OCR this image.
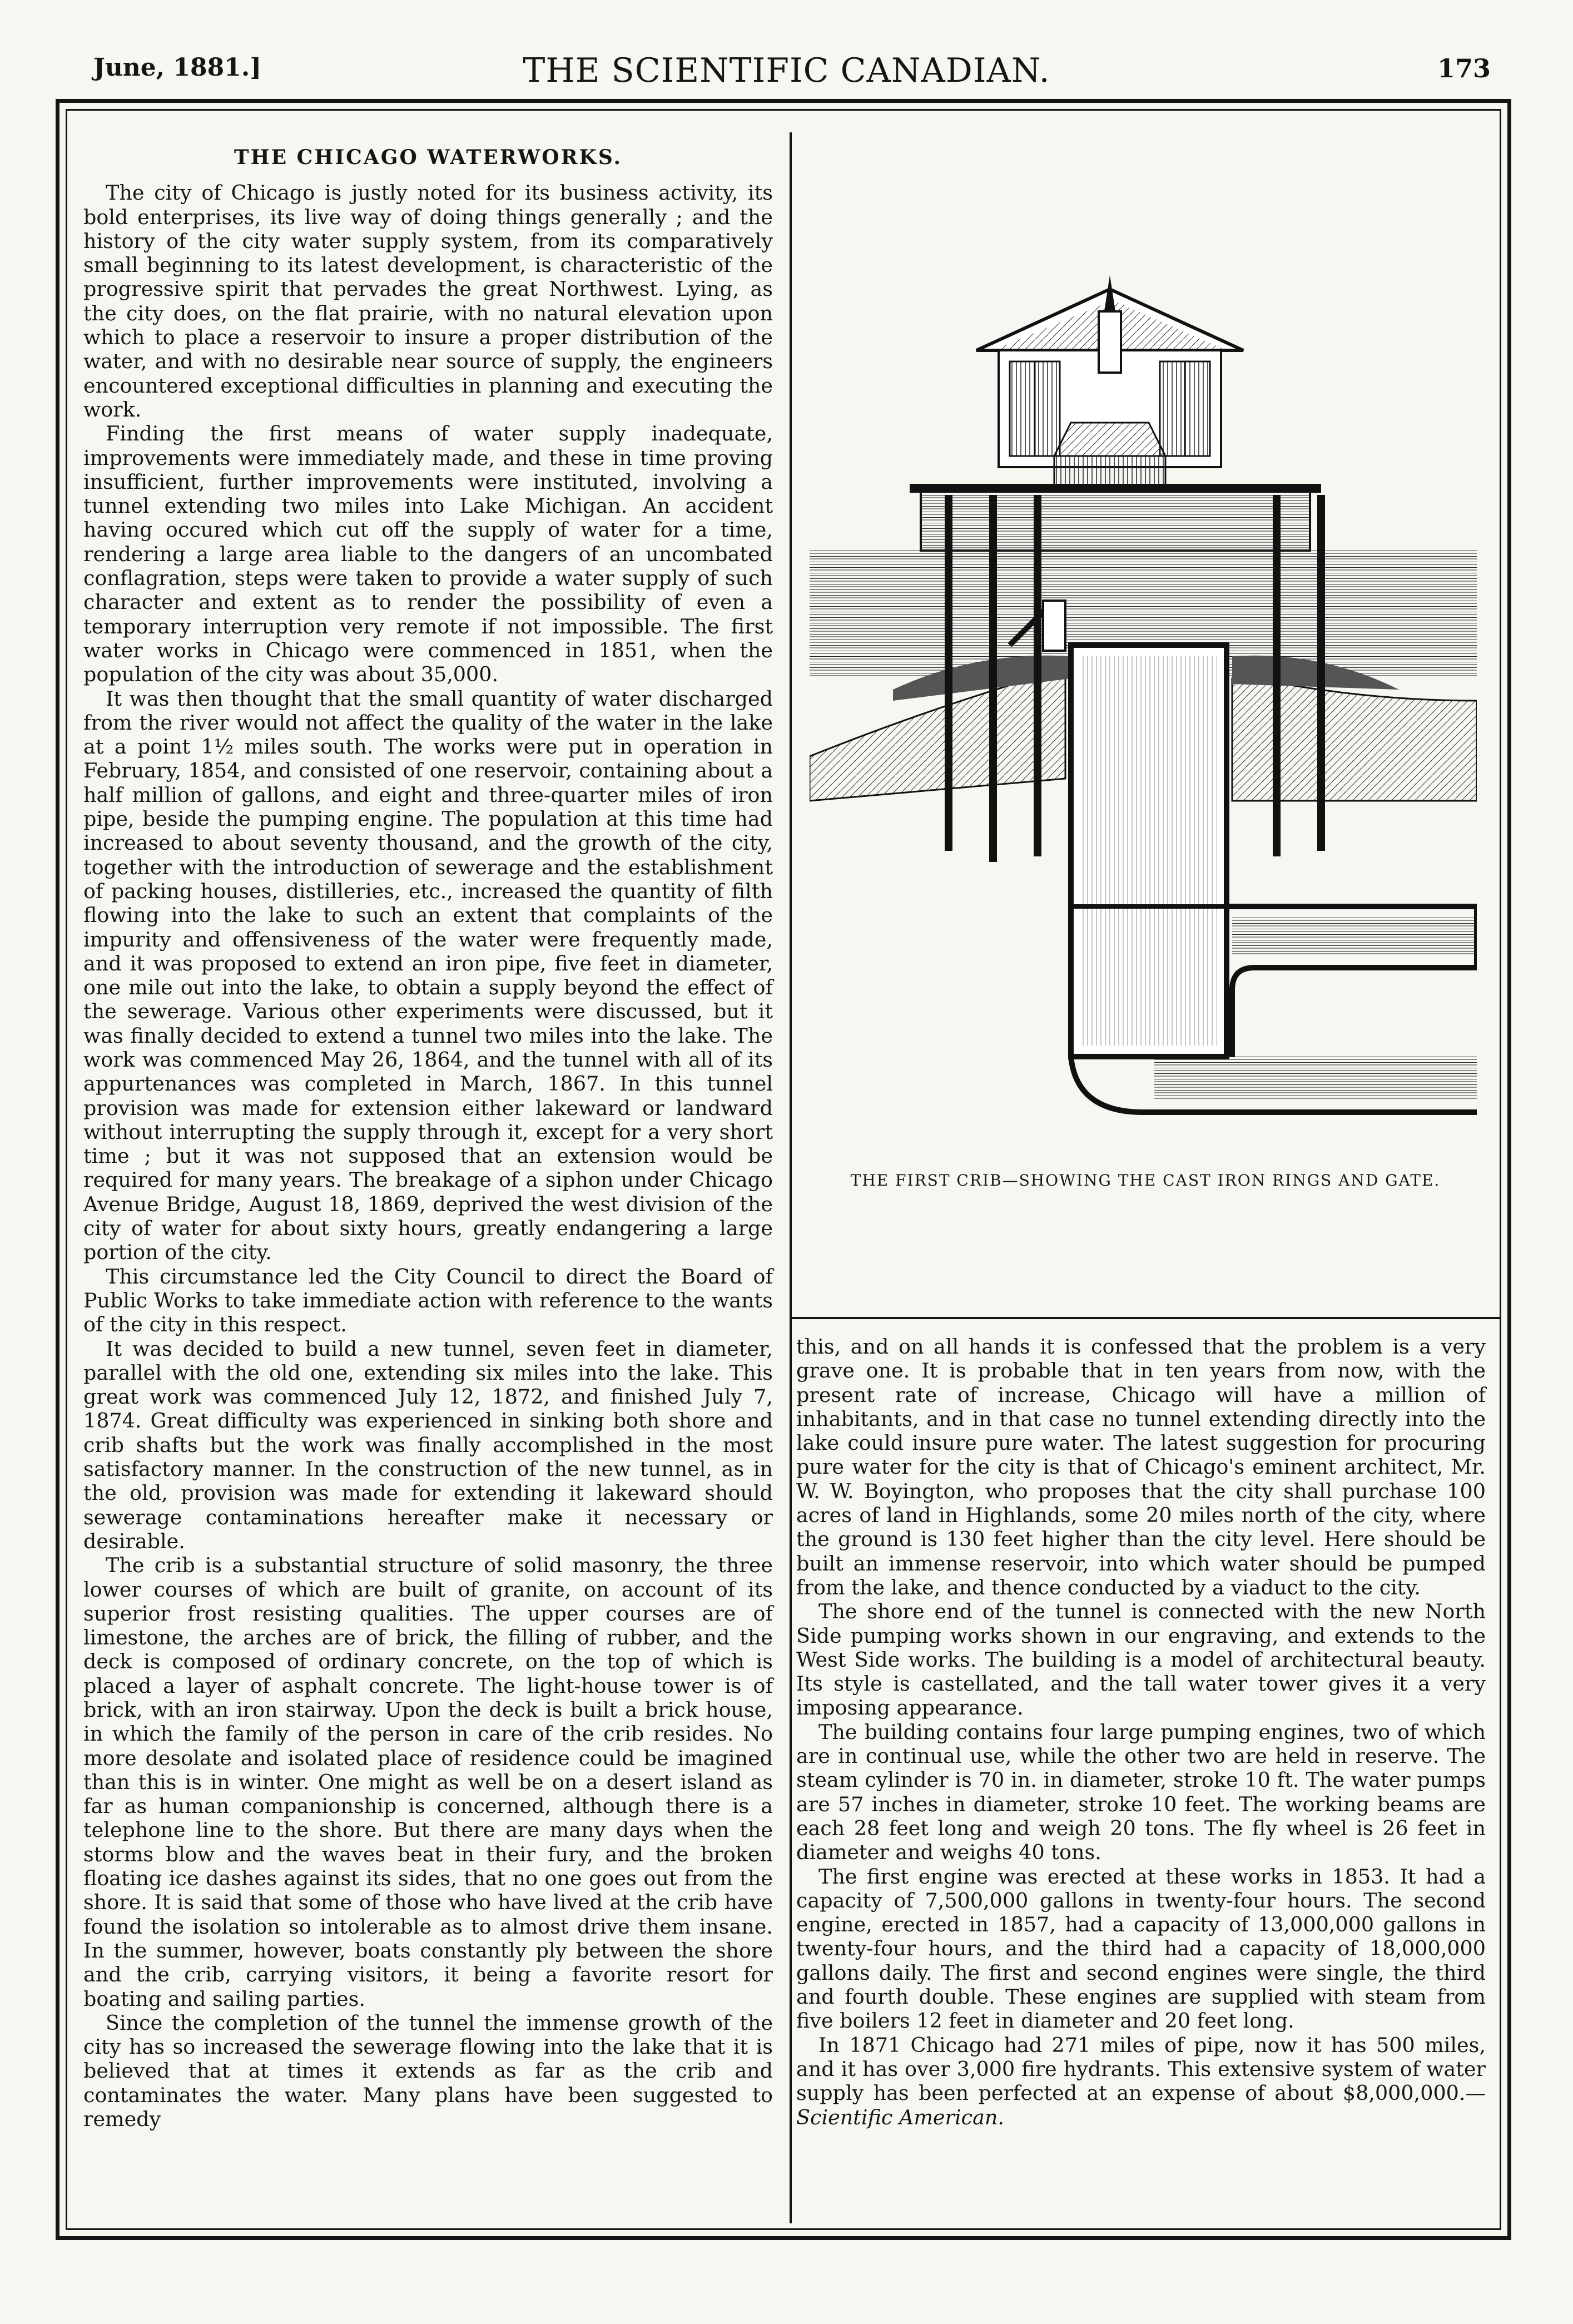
June, 1881.]	THE SCIENTIFIC CANADIAN.	173
THE CHICAGO WATERWORKS.

The city of Chicago is justly noted for its business activity, its bold enterprises, its live way of doing things generally ; and the history of the city water supply system, from its comparatively small beginning to its latest development, is characteristic of the progressive spirit that pervades the great Northwest. Lying, as the city does, on the flat prairie, with no natural elevation upon which to place a reservoir to insure a proper distribution of the water, and with no desirable near source of supply, the engineers encountered exceptional difficulties in planning and executing the work.

Finding the first means of water supply inadequate, improvements were immediately made, and these in time proving insufficient, further improvements were instituted, involving a tunnel extending two miles into Lake Michigan. An accident having occured which cut off the supply of water for a time, rendering a large area liable to the dangers of an uncombated conflagration, steps were taken to provide a water supply of such character and extent as to render the possibility of even a temporary interruption very remote if not impossible. The first water works in Chicago were commenced in 1851, when the population of the city was about 35,000.

It was then thought that the small quantity of water discharged from the river would not affect the quality of the water in the lake at a point 1½ miles south. The works were put in operation in February, 1854, and consisted of one reservoir, containing about a half million of gallons, and eight and three-quarter miles of iron pipe, beside the pumping engine. The population at this time had increased to about seventy thousand, and the growth of the city, together with the introduction of sewerage and the establishment of packing houses, distilleries, etc., increased the quantity of filth flowing into the lake to such an extent that complaints of the impurity and offensiveness of the water were frequently made, and it was proposed to extend an iron pipe, five feet in diameter, one mile out into the lake, to obtain a supply beyond the effect of the sewerage. Various other experiments were discussed, but it was finally decided to extend a tunnel two miles into the lake. The work was commenced May 26, 1864, and the tunnel with all of its appurtenances was completed in March, 1867. In this tunnel provision was made for extension either lakeward or landward without interrupting the supply through it, except for a very short time ; but it was not supposed that an extension would be required for many years. The breakage of a siphon under Chicago Avenue Bridge, August 18, 1869, deprived the west division of the city of water for about sixty hours, greatly endangering a large portion of the city.

This circumstance led the City Council to direct the Board of Public Works to take immediate action with reference to the wants of the city in this respect.

It was decided to build a new tunnel, seven feet in diameter, parallel with the old one, extending six miles into the lake. This great work was commenced July 12, 1872, and finished July 7, 1874. Great difficulty was experienced in sinking both shore and crib shafts but the work was finally accomplished in the most satisfactory manner. In the construction of the new tunnel, as in the old, provision was made for extending it lakeward should sewerage contaminations hereafter make it necessary or desirable.

The crib is a substantial structure of solid masonry, the three lower courses of which are built of granite, on account of its superior frost resisting qualities. The upper courses are of limestone, the arches are of brick, the filling of rubber, and the deck is composed of ordinary concrete, on the top of which is placed a layer of asphalt concrete. The light-house tower is of brick, with an iron stairway. Upon the deck is built a brick house, in which the family of the person in care of the crib resides. No more desolate and isolated place of residence could be imagined than this is in winter. One might as well be on a desert island as far as human companionship is concerned, although there is a telephone line to the shore. But there are many days when the storms blow and the waves beat in their fury, and the broken floating ice dashes against its sides, that no one goes out from the shore. It is said that some of those who have lived at the crib have found the isolation so intolerable as to almost drive them insane. In the summer, however, boats constantly ply between the shore and the crib, carrying visitors, it being a favorite resort for boating and sailing parties.

Since the completion of the tunnel the immense growth of the city has so increased the sewerage flowing into the lake that it is believed that at times it extends as far as the crib and contaminates the water. Many plans have been suggested to remedy

THE FIRST CRIB—SHOWING THE CAST IRON RINGS AND GATE.

this, and on all hands it is confessed that the problem is a very grave one. It is probable that in ten years from now, with the present rate of increase, Chicago will have a million of inhabitants, and in that case no tunnel extending directly into the lake could insure pure water. The latest suggestion for procuring pure water for the city is that of Chicago's eminent architect, Mr. W. W. Boyington, who proposes that the city shall purchase 100 acres of land in Highlands, some 20 miles north of the city, where the ground is 130 feet higher than the city level. Here should be built an immense reservoir, into which water should be pumped from the lake, and thence conducted by a viaduct to the city.

The shore end of the tunnel is connected with the new North Side pumping works shown in our engraving, and extends to the West Side works. The building is a model of architectural beauty. Its style is castellated, and the tall water tower gives it a very imposing appearance.

The building contains four large pumping engines, two of which are in continual use, while the other two are held in reserve. The steam cylinder is 70 in. in diameter, stroke 10 ft. The water pumps are 57 inches in diameter, stroke 10 feet. The working beams are each 28 feet long and weigh 20 tons. The fly wheel is 26 feet in diameter and weighs 40 tons.

The first engine was erected at these works in 1853. It had a capacity of 7,500,000 gallons in twenty-four hours. The second engine, erected in 1857, had a capacity of 13,000,000 gallons in twenty-four hours, and the third had a capacity of 18,000,000 gallons daily. The first and second engines were single, the third and fourth double. These engines are supplied with steam from five boilers 12 feet in diameter and 20 feet long.

In 1871 Chicago had 271 miles of pipe, now it has 500 miles, and it has over 3,000 fire hydrants. This extensive system of water supply has been perfected at an expense of about $8,000,000.—Scientific American.
